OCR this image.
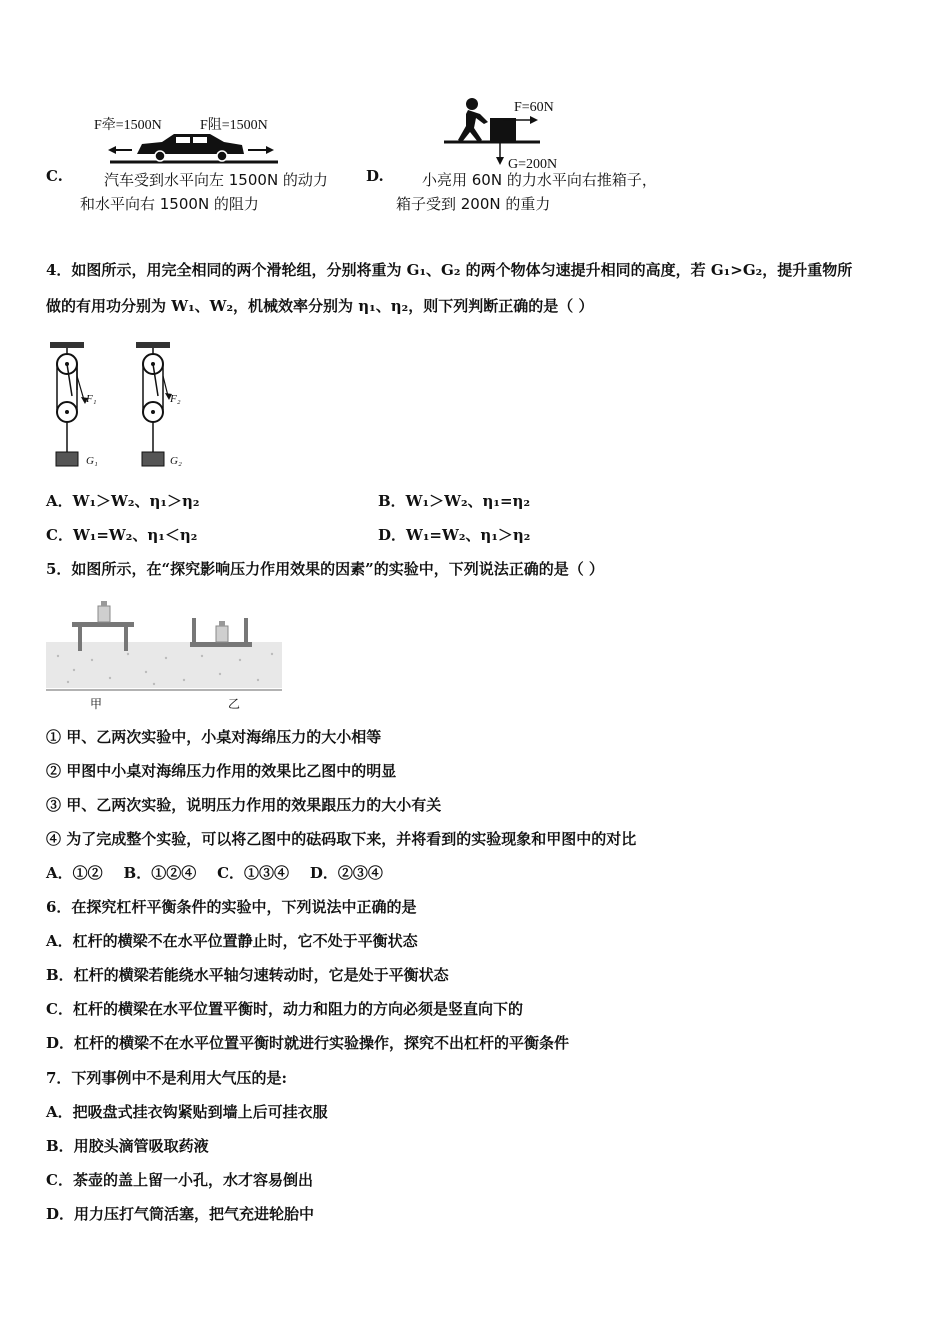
C.
F牵=1500N	F阻=1500N
汽车受到水平向左 1500N 的动力
和水平向右 1500N 的阻力
D.
F=60N
G=200N
小亮用 60N 的力水平向右推箱子，
箱子受到 200N 的重力
4．如图所示，用完全相同的两个滑轮组，分别将重为 G₁、G₂ 的两个物体匀速提升相同的高度，若 G₁>G₂，提升重物所
做的有用功分别为 W₁、W₂，机械效率分别为 η₁、η₂，则下列判断正确的是（ ）
F₁
G₁
F₂
G₂
A．W₁＞W₂、η₁＞η₂	B．W₁＞W₂、η₁=η₂
C．W₁=W₂、η₁＜η₂	D．W₁=W₂、η₁＞η₂
5．如图所示，在“探究影响压力作用效果的因素”的实验中，下列说法正确的是（ ）
甲	乙
① 甲、乙两次实验中，小桌对海绵压力的大小相等
② 甲图中小桌对海绵压力作用的效果比乙图中的明显
③ 甲、乙两次实验，说明压力作用的效果跟压力的大小有关
④ 为了完成整个实验，可以将乙图中的砝码取下来，并将看到的实验现象和甲图中的对比
A．①②    B．①②④    C．①③④    D．②③④
6．在探究杠杆平衡条件的实验中，下列说法中正确的是
A．杠杆的横梁不在水平位置静止时，它不处于平衡状态
B．杠杆的横梁若能绕水平轴匀速转动时，它是处于平衡状态
C．杠杆的横梁在水平位置平衡时，动力和阻力的方向必须是竖直向下的
D．杠杆的横梁不在水平位置平衡时就进行实验操作，探究不出杠杆的平衡条件
7．下列事例中不是利用大气压的是:
A．把吸盘式挂衣钩紧贴到墙上后可挂衣服
B．用胶头滴管吸取药液
C．茶壶的盖上留一小孔，水才容易倒出
D．用力压打气筒活塞，把气充进轮胎中
